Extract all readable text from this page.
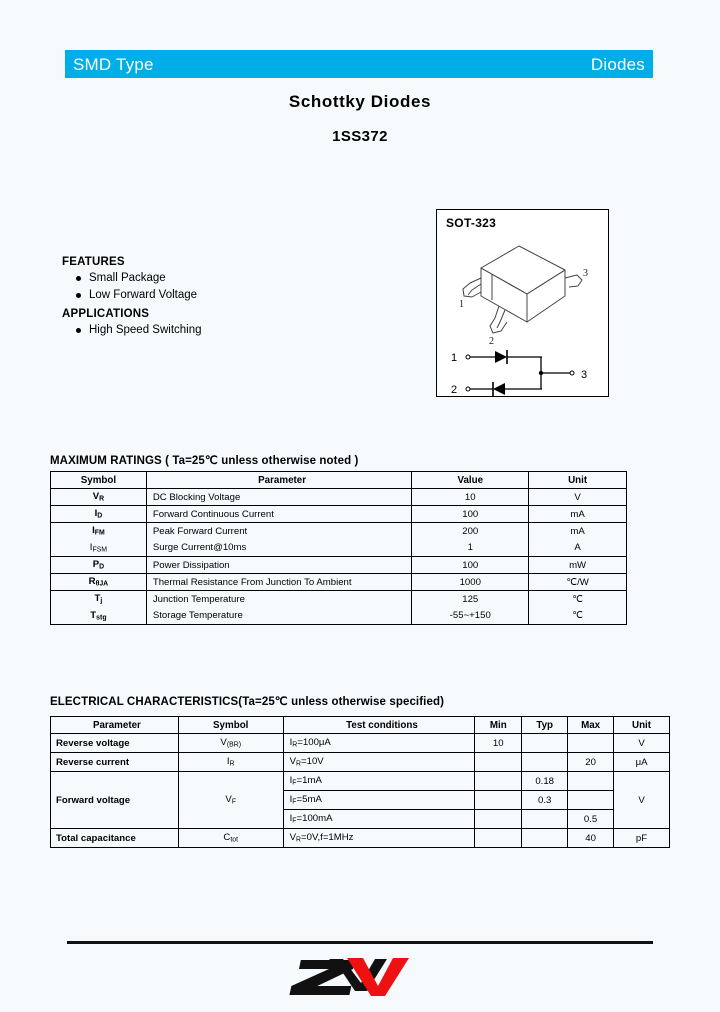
SMD Type	Diodes
Schottky Diodes
1SS372
FEATURES
Small Package
Low Forward Voltage
APPLICATIONS
High Speed Switching
SOT-323
1
2
3
1
2
3
MAXIMUM RATINGS ( Ta=25℃ unless otherwise noted )
Symbol	Parameter	Value	Unit
$V_R$	DC Blocking Voltage	10	V
$I_D$	Forward Continuous Current	100	mA
$I_{FM}$	Peak Forward Current	200	mA
$I_{FSM}$	Surge Current@10ms	1	A
$P_D$	Power Dissipation	100	mW
$R_{\theta JA}$	Thermal Resistance From Junction To Ambient	1000	℃/W
$T_j$	Junction Temperature	125	℃
$T_{stg}$	Storage Temperature	-55~+150	℃
ELECTRICAL CHARACTERISTICS(Ta=25℃ unless otherwise specified)
Parameter	Symbol	Test conditions	Min	Typ	Max	Unit
Reverse voltage	$V_{(BR)}$	$I_R=100\mu A$	10			V
Reverse current	$I_R$	$V_R=10V$			20	μA
Forward voltage	$V_F$	$I_F=1mA$		0.18		V
		$I_F=5mA$		0.3		
		$I_F=100mA$			0.5	
Total capacitance	$C_{tot}$	$V_R=0V,f=1MHz$			40	pF
